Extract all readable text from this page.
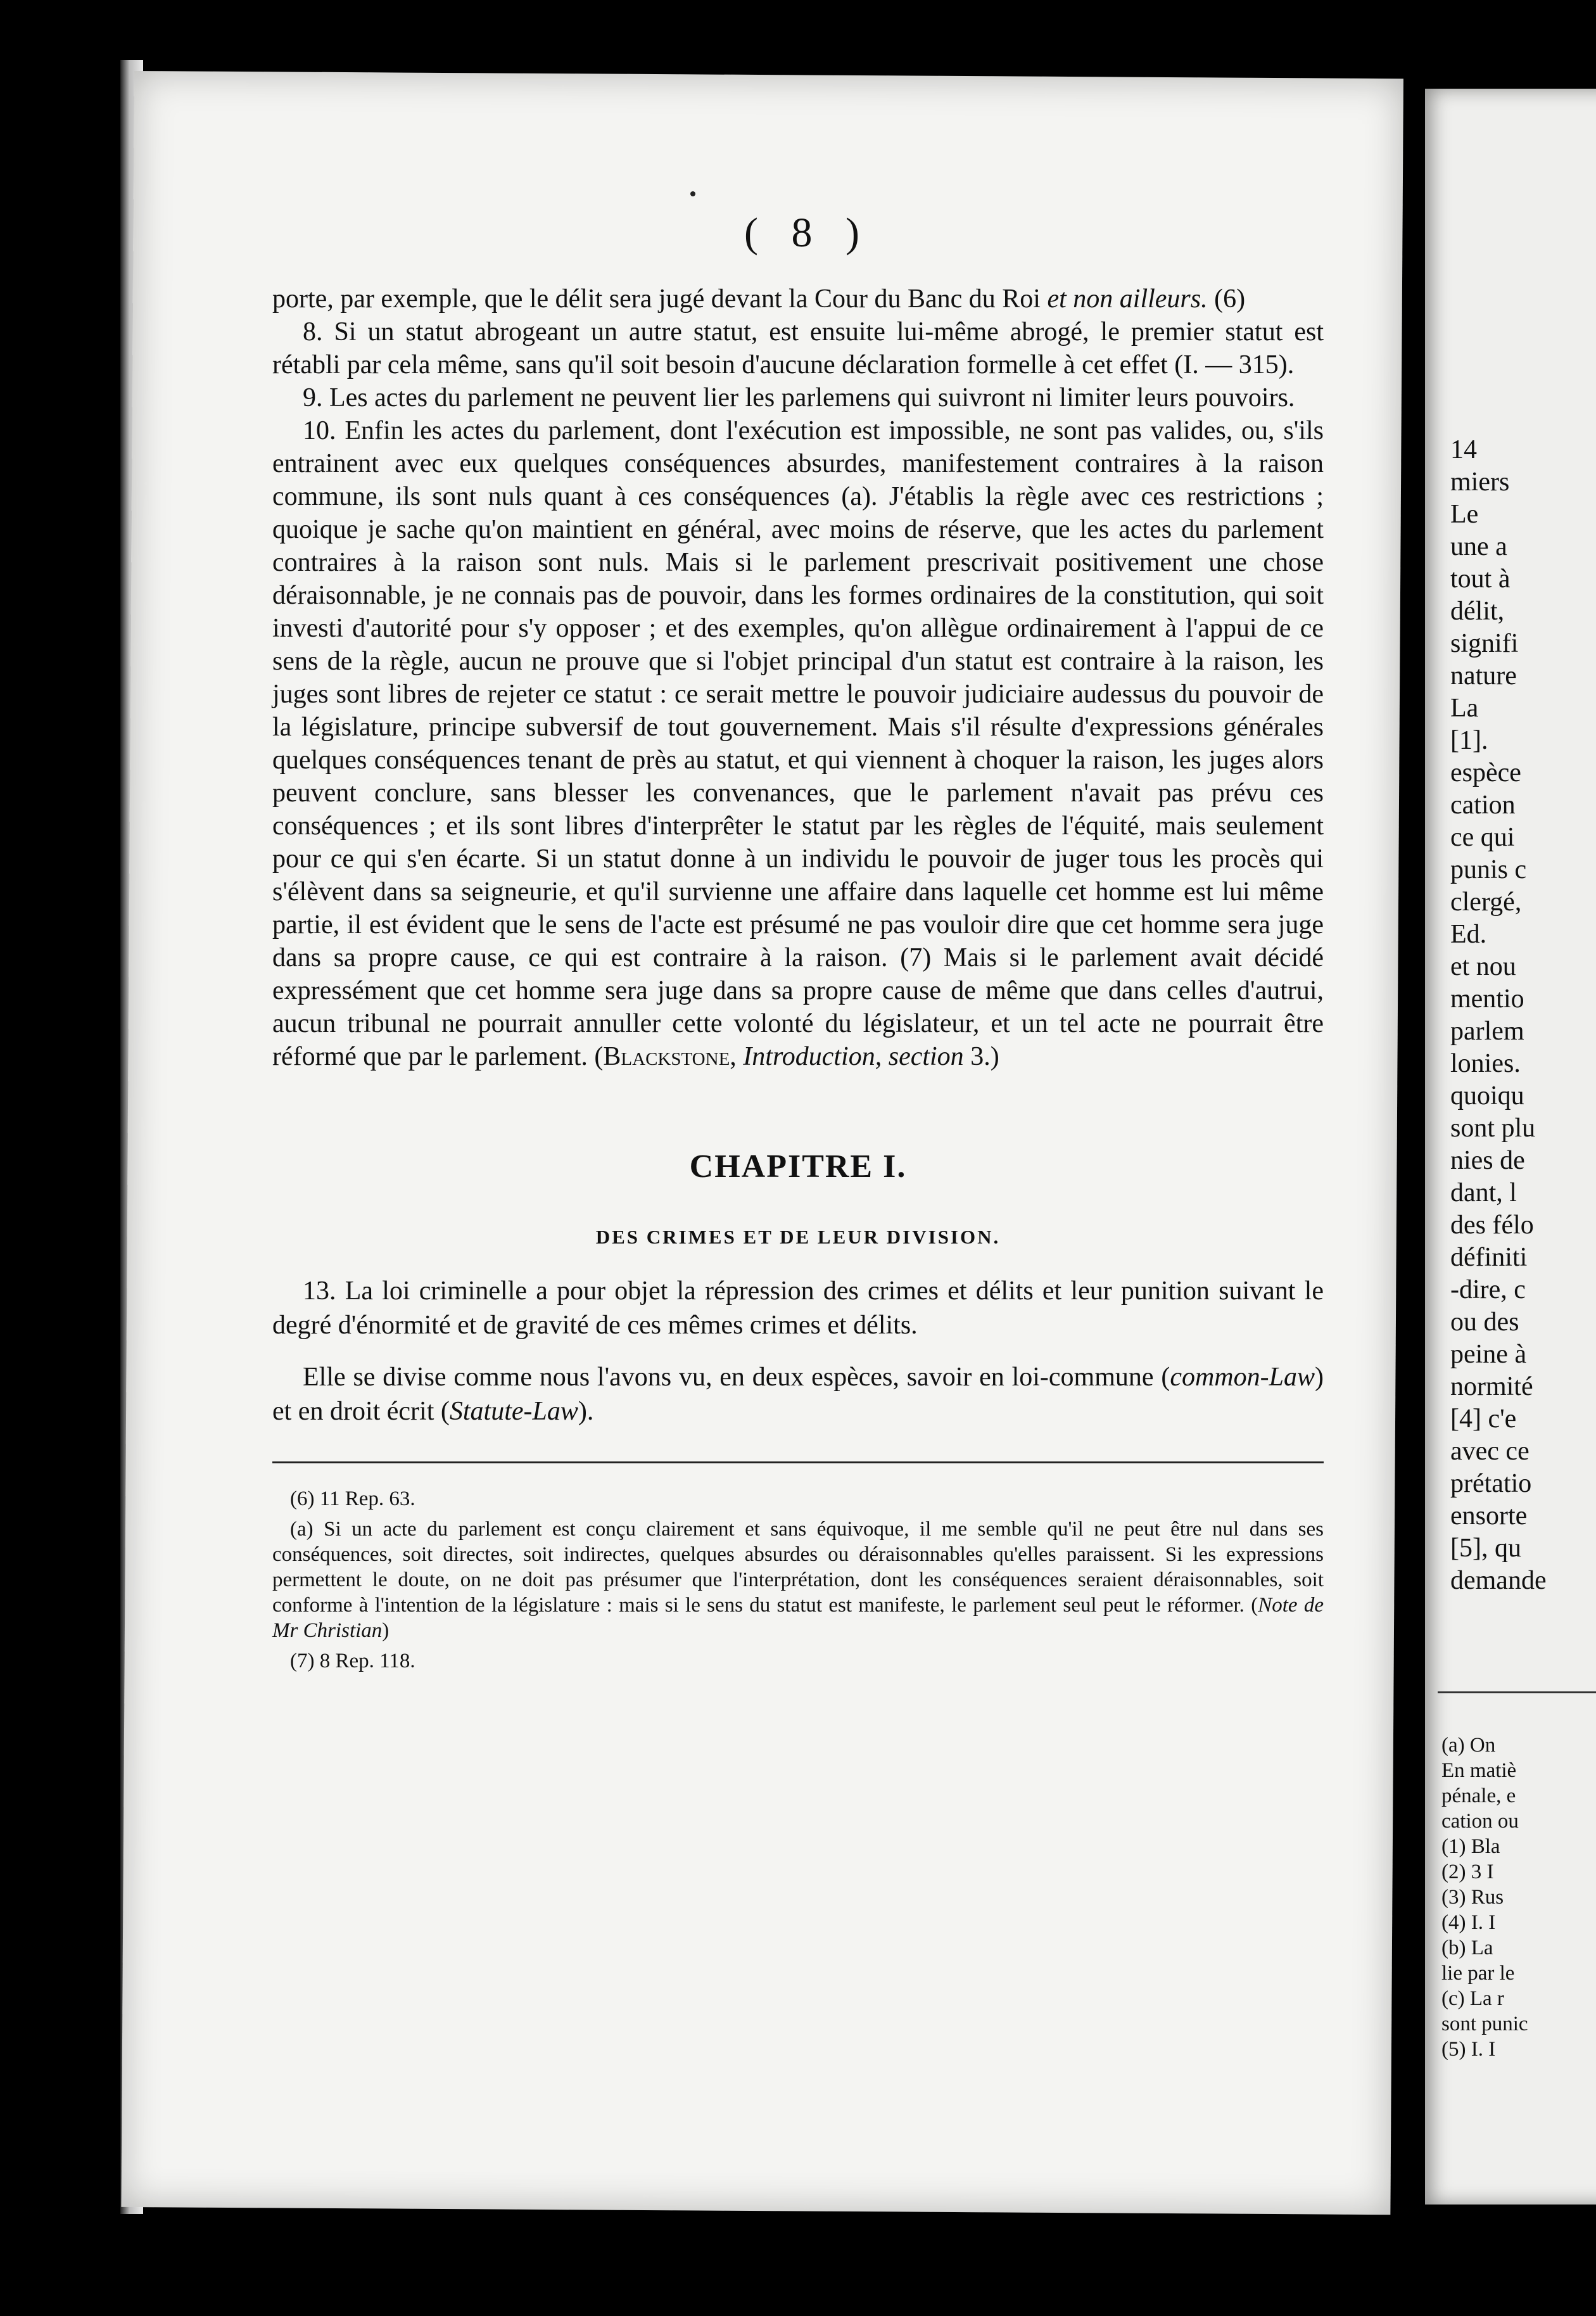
( 8 )

porte, par exemple, que le délit sera jugé devant la Cour du Banc du Roi et non ailleurs. (6)

8. Si un statut abrogeant un autre statut, est ensuite lui-même abrogé, le premier statut est rétabli par cela même, sans qu'il soit besoin d'aucune déclaration formelle à cet effet (I. — 315).

9. Les actes du parlement ne peuvent lier les parlemens qui suivront ni limiter leurs pouvoirs.

10. Enfin les actes du parlement, dont l'exécution est impossible, ne sont pas valides, ou, s'ils entrainent avec eux quelques conséquences absurdes, manifestement contraires à la raison commune, ils sont nuls quant à ces conséquences (a). J'établis la règle avec ces restrictions ; quoique je sache qu'on maintient en général, avec moins de réserve, que les actes du parlement contraires à la raison sont nuls. Mais si le parlement prescrivait positivement une chose déraisonnable, je ne connais pas de pouvoir, dans les formes ordinaires de la constitution, qui soit investi d'autorité pour s'y opposer ; et des exemples, qu'on allègue ordinairement à l'appui de ce sens de la règle, aucun ne prouve que si l'objet principal d'un statut est contraire à la raison, les juges sont libres de rejeter ce statut : ce serait mettre le pouvoir judiciaire audessus du pouvoir de la législature, principe subversif de tout gouvernement. Mais s'il résulte d'expressions générales quelques conséquences tenant de près au statut, et qui viennent à choquer la raison, les juges alors peuvent conclure, sans blesser les convenances, que le parlement n'avait pas prévu ces conséquences ; et ils sont libres d'interprêter le statut par les règles de l'équité, mais seulement pour ce qui s'en écarte. Si un statut donne à un individu le pouvoir de juger tous les procès qui s'élèvent dans sa seigneurie, et qu'il survienne une affaire dans laquelle cet homme est lui même partie, il est évident que le sens de l'acte est présumé ne pas vouloir dire que cet homme sera juge dans sa propre cause, ce qui est contraire à la raison. (7) Mais si le parlement avait décidé expressément que cet homme sera juge dans sa propre cause de même que dans celles d'autrui, aucun tribunal ne pourrait annuller cette volonté du législateur, et un tel acte ne pourrait être réformé que par le parlement. (Blackstone, Introduction, section 3.)

CHAPITRE I.
DES CRIMES ET DE LEUR DIVISION.

13. La loi criminelle a pour objet la répression des crimes et délits et leur punition suivant le degré d'énormité et de gravité de ces mêmes crimes et délits.

Elle se divise comme nous l'avons vu, en deux espèces, savoir en loi-commune (common-Law) et en droit écrit (Statute-Law).

(6) 11 Rep. 63.

(a) Si un acte du parlement est conçu clairement et sans équivoque, il me semble qu'il ne peut être nul dans ses conséquences, soit directes, soit indirectes, quelques absurdes ou déraisonnables qu'elles paraissent. Si les expressions permettent le doute, on ne doit pas présumer que l'interprétation, dont les conséquences seraient déraisonnables, soit conforme à l'intention de la législature : mais si le sens du statut est manifeste, le parlement seul peut le réformer. (Note de Mr Christian)

(7) 8 Rep. 118.

14
miers
Le
une a
tout à
délit,
signifi
nature
La
[1].
espèce
cation
ce qui
punis c
clergé,
Ed.
et nou
mentio
parlem
lonies.
quoiqu
sont plu
nies de
dant, l
des félo
définiti
-dire, c
ou des
peine à
normité
[4] c'e
avec ce
prétatio
ensorte
[5], qu
demande
(a) On
En matiè
pénale, e
cation ou
(1) Bla
(2) 3 I
(3) Rus
(4) I. I
(b) La
lie par le
(c) La r
sont punic
(5) I. I
